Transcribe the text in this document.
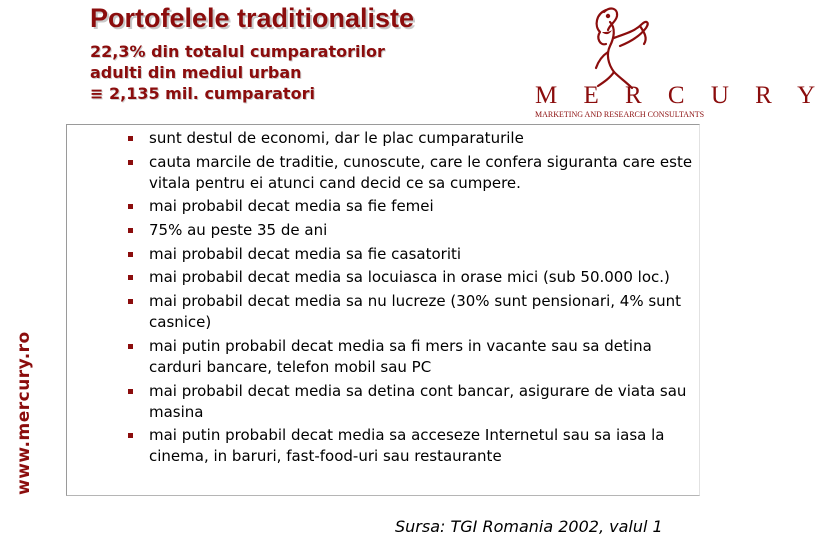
Portofelele traditionaliste
22,3% din totalul cumparatorilor
adulti din mediul urban
≡ 2,135 mil. cumparatori
www.mercury.ro
sunt destul de economi, dar le plac cumparaturile
cauta marcile de traditie, cunoscute, care le confera siguranta care este vitala pentru ei atunci cand decid ce sa cumpere.
mai probabil decat media sa fie femei
75% au peste 35 de ani
mai probabil decat media sa fie casatoriti
mai probabil decat media sa locuiasca in orase mici (sub 50.000 loc.)
mai probabil decat media sa nu lucreze (30% sunt pensionari, 4% sunt casnice)
mai putin probabil decat media sa fi mers in vacante sau sa detina carduri bancare, telefon mobil sau PC
mai probabil decat media sa detina cont bancar, asigurare de viata sau masina
mai putin probabil decat media sa acceseze Internetul sau sa iasa la cinema, in baruri, fast-food-uri sau restaurante
M E R C U R Y
MARKETING AND RESEARCH CONSULTANTS
Sursa: TGI Romania 2002, valul 1
